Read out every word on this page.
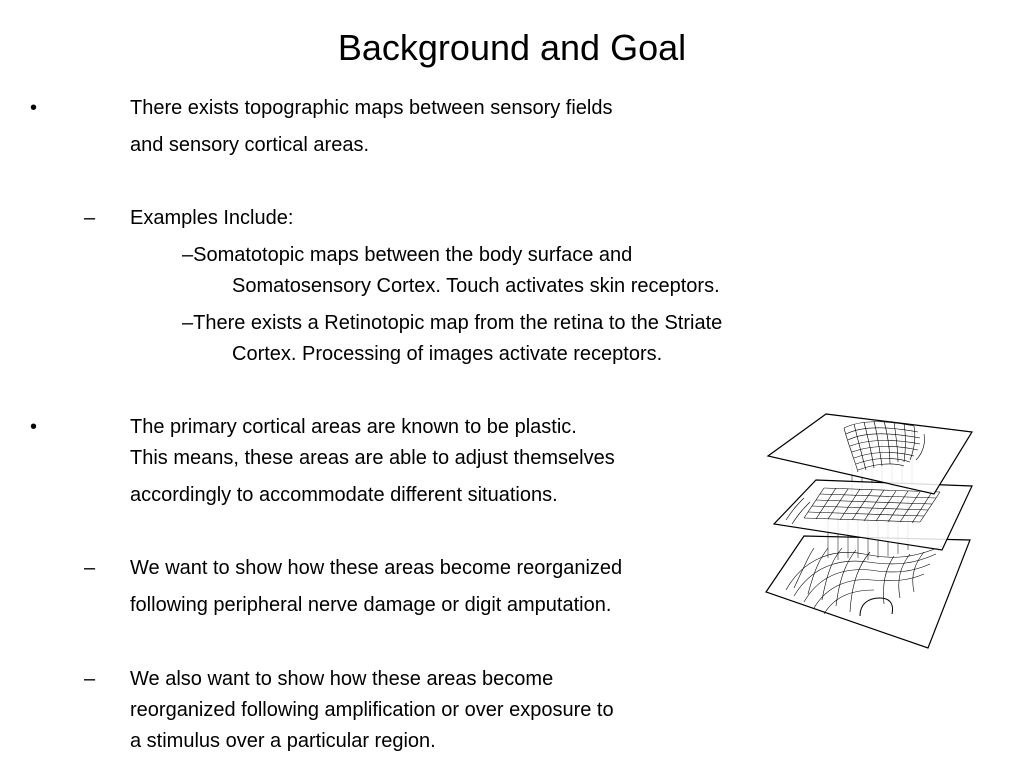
Background and Goal
•	There exists topographic maps between sensory fields
and sensory cortical areas.
– Examples Include:
–Somatotopic maps between the body surface and
Somatosensory Cortex. Touch activates skin receptors.
–There exists a Retinotopic map from the retina to the Striate
Cortex. Processing of images activate receptors.
•	The primary cortical areas are known to be plastic.
This means, these areas are able to adjust themselves
accordingly to accommodate different situations.
– We want to show how these areas become reorganized
following peripheral nerve damage or digit amputation.
– We also want to show how these areas become
reorganized following amplification or over exposure to
a stimulus over a particular region.
